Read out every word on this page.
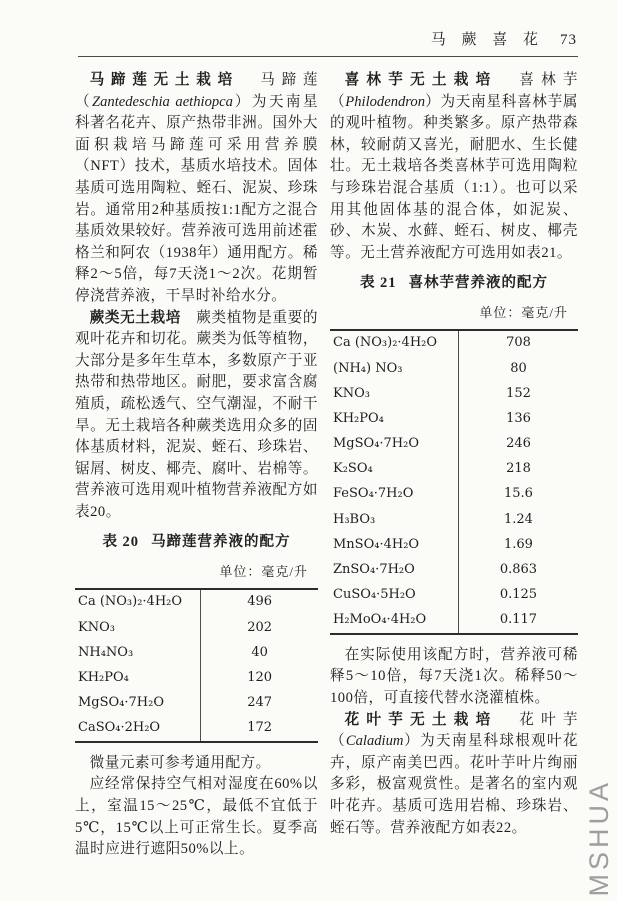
马 蕨 喜 花 73

马蹄莲无土栽培　马蹄莲（Zantedeschia aethiopca）为天南星科著名花卉、原产热带非洲。国外大面积栽培马蹄莲可采用营养膜（NFT）技术，基质水培技术。固体基质可选用陶粒、蛭石、泥炭、珍珠岩。通常用2种基质按1:1配方之混合基质效果较好。营养液可选用前述霍格兰和阿农（1938年）通用配方。稀释2～5倍，每7天浇1～2次。花期暂停浇营养液，干旱时补给水分。

蕨类无土栽培　蕨类植物是重要的观叶花卉和切花。蕨类为低等植物，大部分是多年生草本，多数原产于亚热带和热带地区。耐肥，要求富含腐殖质，疏松透气、空气潮湿，不耐干旱。无土栽培各种蕨类选用众多的固体基质材料，泥炭、蛭石、珍珠岩、锯屑、树皮、椰壳、腐叶、岩棉等。营养液可选用观叶植物营养液配方如表20。

表 20 马蹄莲营养液的配方
单位：毫克/升
Ca (NO₃)₂·4H₂O	496
KNO₃	202
NH₄NO₃	40
KH₂PO₄	120
MgSO₄·7H₂O	247
CaSO₄·2H₂O	172

微量元素可参考通用配方。

应经常保持空气相对湿度在60%以上，室温15～25℃，最低不宜低于5℃，15℃以上可正常生长。夏季高温时应进行遮阳50%以上。

喜林芋无土栽培　喜林芋（Philodendron）为天南星科喜林芋属的观叶植物。种类繁多。原产热带森林，较耐荫又喜光，耐肥水、生长健壮。无土栽培各类喜林芋可选用陶粒与珍珠岩混合基质（1:1）。也可以采用其他固体基的混合体，如泥炭、砂、木炭、水藓、蛭石、树皮、椰壳等。无土营养液配方可选用如表21。

表 21 喜林芋营养液的配方
单位：毫克/升
Ca (NO₃)₂·4H₂O	708
(NH₄) NO₃	80
KNO₃	152
KH₂PO₄	136
MgSO₄·7H₂O	246
K₂SO₄	218
FeSO₄·7H₂O	15.6
H₃BO₃	1.24
MnSO₄·4H₂O	1.69
ZnSO₄·7H₂O	0.863
CuSO₄·5H₂O	0.125
H₂MoO₄·4H₂O	0.117

在实际使用该配方时，营养液可稀释5～10倍，每7天浇1次。稀释50～100倍，可直接代替水浇灌植株。

花叶芋无土栽培　花叶芋（Caladium）为天南星科球根观叶花卉，原产南美巴西。花叶芋叶片绚丽多彩，极富观赏性。是著名的室内观叶花卉。基质可选用岩棉、珍珠岩、蛭石等。营养液配方如表22。	MSHUA
